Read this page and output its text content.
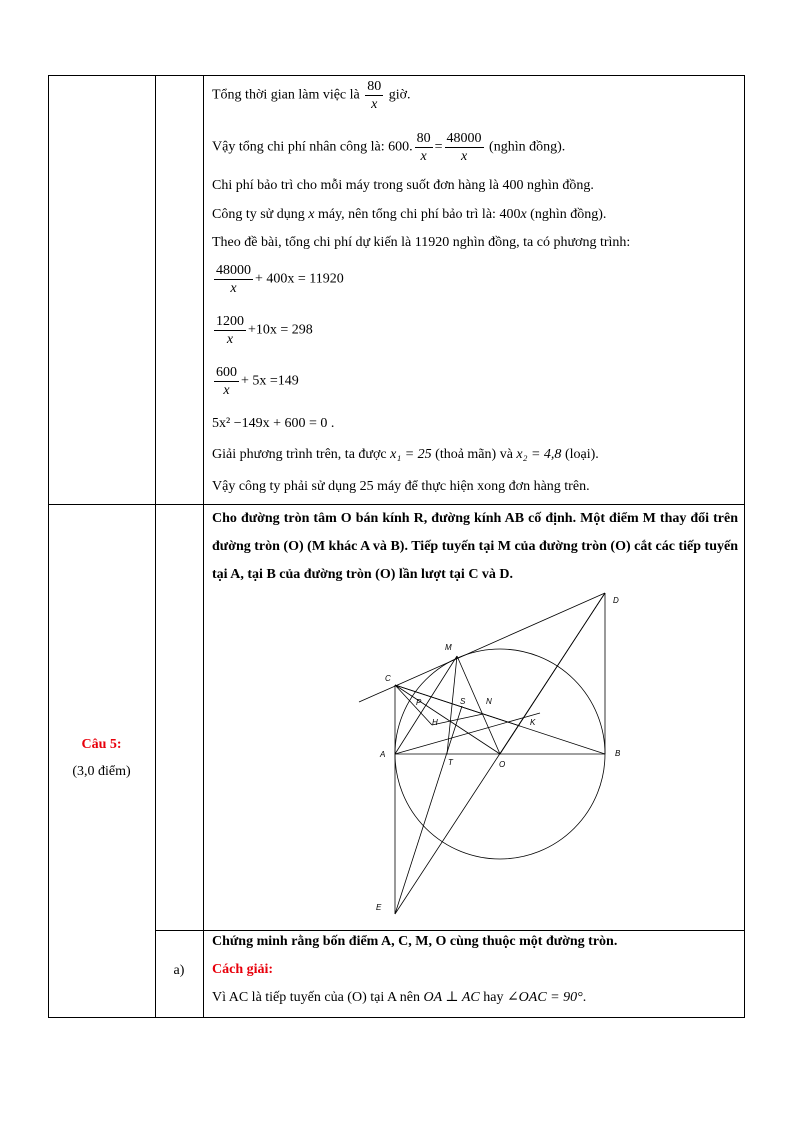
Tổng thời gian làm việc là $\frac{80}{x}$ giờ.
Vậy tổng chi phí nhân công là: 600. $\frac{80}{x} = \frac{48000}{x}$ (nghìn đồng).
Chi phí bảo trì cho mỗi máy trong suốt đơn hàng là 400 nghìn đồng.
Công ty sử dụng x máy, nên tổng chi phí bảo trì là: 400x (nghìn đồng).
Theo đề bài, tổng chi phí dự kiến là 11920 nghìn đồng, ta có phương trình:
$\frac{48000}{x} + 400x = 11920$
$\frac{1200}{x} +10x = 298$
$\frac{600}{x} + 5x =149$
5x² −149x + 600 = 0 .
Giải phương trình trên, ta được x₁ = 25 (thoả mãn) và x₂ = 4,8 (loại).
Vậy công ty phải sử dụng 25 máy để thực hiện xong đơn hàng trên.
Câu 5:
(3,0 điểm)
Cho đường tròn tâm O bán kính R, đường kính AB cố định. Một điểm M thay đổi trên đường tròn (O) (M khác A và B). Tiếp tuyến tại M của đường tròn (O) cắt các tiếp tuyến tại A, tại B của đường tròn (O) lần lượt tại C và D.
D
M
C
P	S	N
H	K
A
T	O
B
E
a)
Chứng minh rằng bốn điểm A, C, M, O cùng thuộc một đường tròn.
Cách giải:
Vì AC là tiếp tuyến của (O) tại A nên OA ⊥ AC hay ∠OAC = 90°.
